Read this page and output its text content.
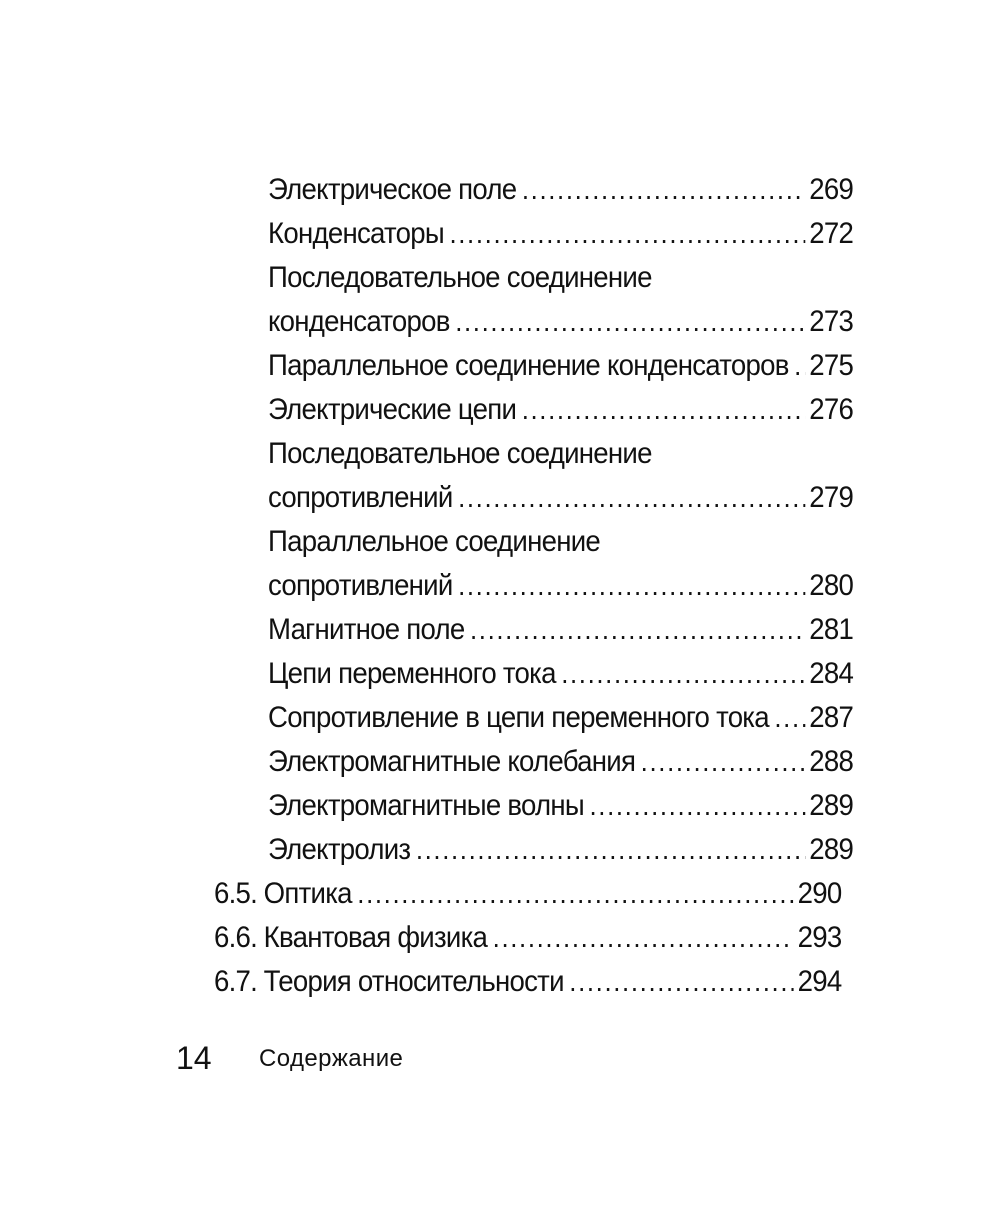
Электрическое поле . . .	269
Конденсаторы . . .	272
Последовательное соединение
конденсаторов . . .	273
Параллельное соединение конденсаторов . . . 275
Электрические цепи . . .	276
Последовательное соединение
сопротивлений . . .	279
Параллельное соединение
сопротивлений . . .	280
Магнитное поле . . .	281
Цепи переменного тока . . .	284
Сопротивление в цепи переменного тока . . . 287
Электромагнитные колебания . . .	288
Электромагнитные волны . . .	289
Электролиз . . .	289
6.5. Оптика . . .	290
6.6. Квантовая физика . . .	293
6.7. Теория относительности . . .	294
14 Содержание
